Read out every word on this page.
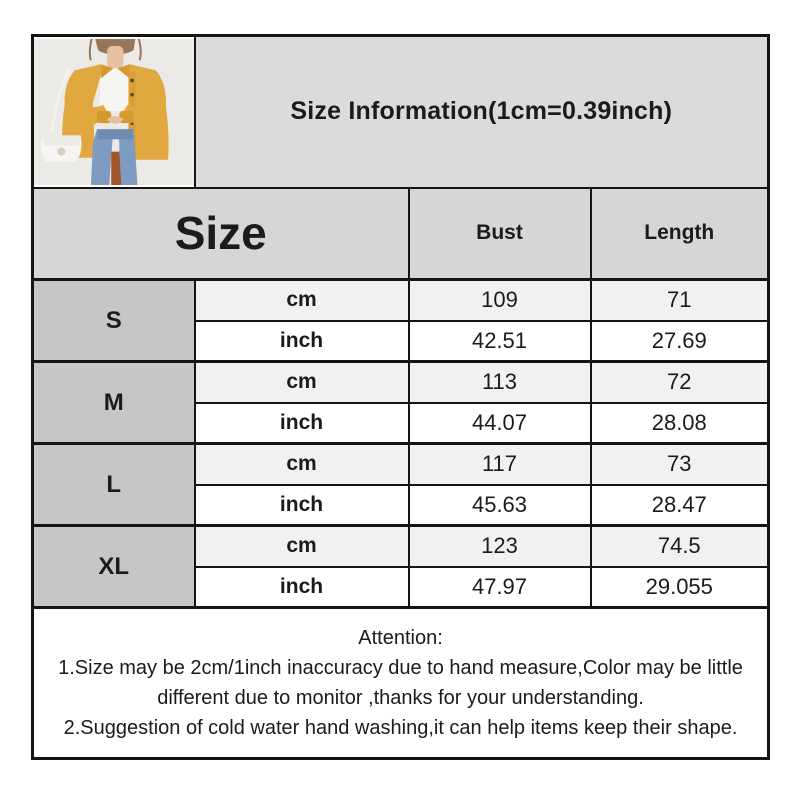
	Size Information(1cm=0.39inch)		
Size		Bust	Length
S	cm	109	71
	inch	42.51	27.69
M	cm	113	72
	inch	44.07	28.08
L	cm	117	73
	inch	45.63	28.47
XL	cm	123	74.5
	inch	47.97	29.055

Attention:
1.Size may be 2cm/1inch inaccuracy due to hand measure,Color may be little different due to monitor ,thanks for your understanding.
2.Suggestion of cold water hand washing,it can help items keep their shape.			
